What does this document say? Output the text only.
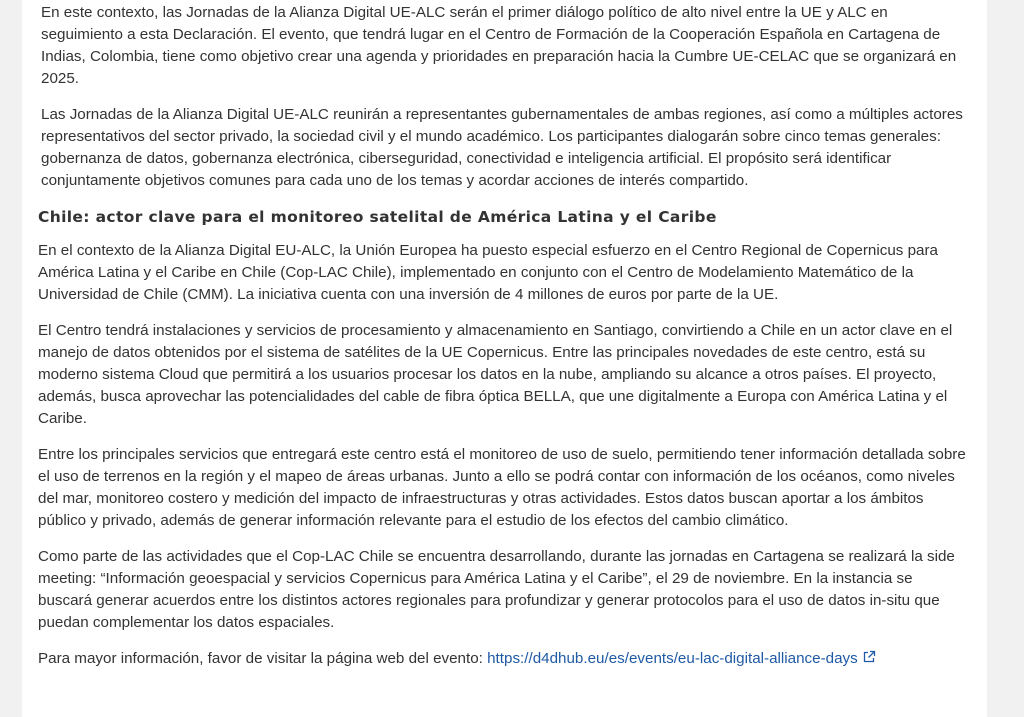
En este contexto, las Jornadas de la Alianza Digital UE-ALC serán el primer diálogo político de alto nivel entre la UE y ALC en seguimiento a esta Declaración. El evento, que tendrá lugar en el Centro de Formación de la Cooperación Española en Cartagena de Indias, Colombia, tiene como objetivo crear una agenda y prioridades en preparación hacia la Cumbre UE-CELAC que se organizará en 2025.

Las Jornadas de la Alianza Digital UE-ALC reunirán a representantes gubernamentales de ambas regiones, así como a múltiples actores representativos del sector privado, la sociedad civil y el mundo académico. Los participantes dialogarán sobre cinco temas generales: gobernanza de datos, gobernanza electrónica, ciberseguridad, conectividad e inteligencia artificial. El propósito será identificar conjuntamente objetivos comunes para cada uno de los temas y acordar acciones de interés compartido.

Chile: actor clave para el monitoreo satelital de América Latina y el Caribe

En el contexto de la Alianza Digital EU-ALC, la Unión Europea ha puesto especial esfuerzo en el Centro Regional de Copernicus para América Latina y el Caribe en Chile (Cop-LAC Chile), implementado en conjunto con el Centro de Modelamiento Matemático de la Universidad de Chile (CMM). La iniciativa cuenta con una inversión de 4 millones de euros por parte de la UE.

El Centro tendrá instalaciones y servicios de procesamiento y almacenamiento en Santiago, convirtiendo a Chile en un actor clave en el manejo de datos obtenidos por el sistema de satélites de la UE Copernicus. Entre las principales novedades de este centro, está su moderno sistema Cloud que permitirá a los usuarios procesar los datos en la nube, ampliando su alcance a otros países. El proyecto, además, busca aprovechar las potencialidades del cable de fibra óptica BELLA, que une digitalmente a Europa con América Latina y el Caribe.

Entre los principales servicios que entregará este centro está el monitoreo de uso de suelo, permitiendo tener información detallada sobre el uso de terrenos en la región y el mapeo de áreas urbanas. Junto a ello se podrá contar con información de los océanos, como niveles del mar, monitoreo costero y medición del impacto de infraestructuras y otras actividades. Estos datos buscan aportar a los ámbitos público y privado, además de generar información relevante para el estudio de los efectos del cambio climático.

Como parte de las actividades que el Cop-LAC Chile se encuentra desarrollando, durante las jornadas en Cartagena se realizará la side meeting: “Información geoespacial y servicios Copernicus para América Latina y el Caribe”, el 29 de noviembre. En la instancia se buscará generar acuerdos entre los distintos actores regionales para profundizar y generar protocolos para el uso de datos in-situ que puedan complementar los datos espaciales.

Para mayor información, favor de visitar la página web del evento: https://d4dhub.eu/es/events/eu-lac-digital-alliance-days
